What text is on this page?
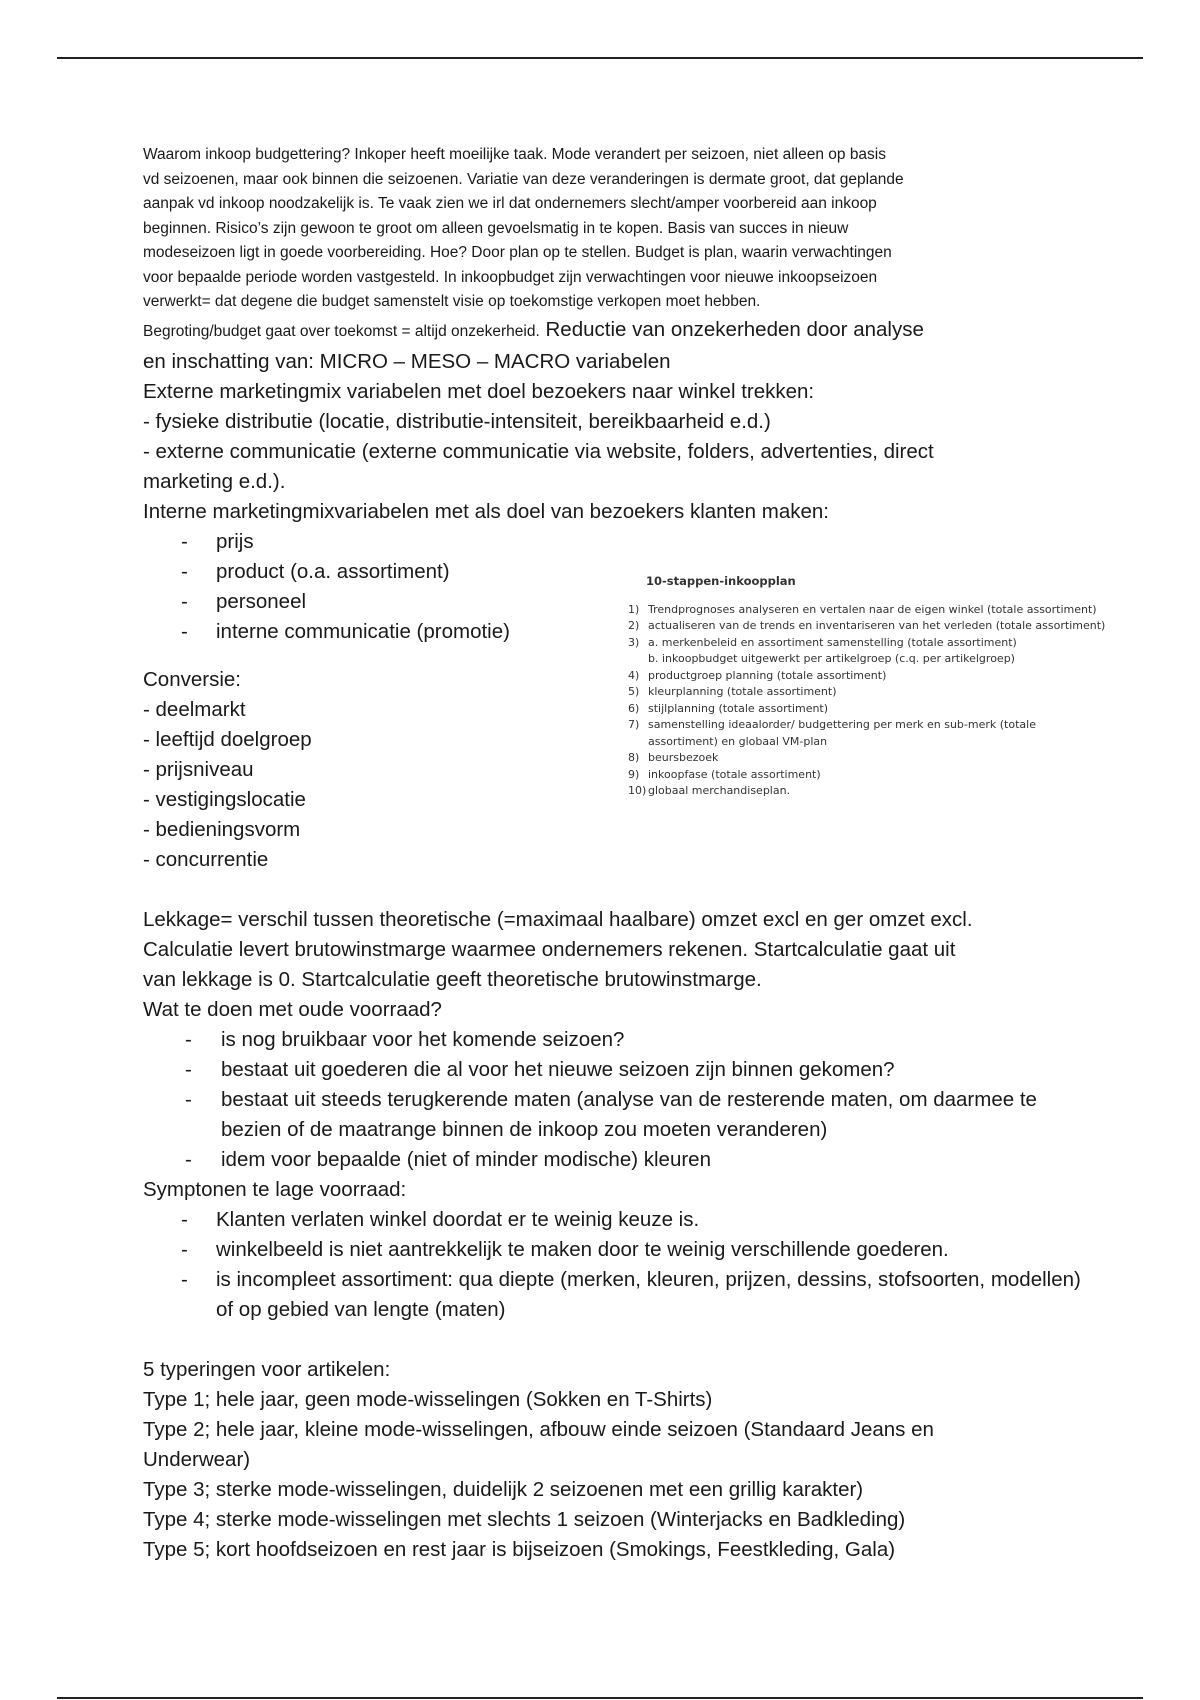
Waarom inkoop budgettering? Inkoper heeft moeilijke taak. Mode verandert per seizoen, niet alleen op basis

vd seizoenen, maar ook binnen die seizoenen. Variatie van deze veranderingen is dermate groot, dat geplande

aanpak vd inkoop noodzakelijk is. Te vaak zien we irl dat ondernemers slecht/amper voorbereid aan inkoop

beginnen. Risico’s zijn gewoon te groot om alleen gevoelsmatig in te kopen. Basis van succes in nieuw

modeseizoen ligt in goede voorbereiding. Hoe? Door plan op te stellen. Budget is plan, waarin verwachtingen

voor bepaalde periode worden vastgesteld. In inkoopbudget zijn verwachtingen voor nieuwe inkoopseizoen

verwerkt= dat degene die budget samenstelt visie op toekomstige verkopen moet hebben.

Begroting/budget gaat over toekomst = altijd onzekerheid. Reductie van onzekerheden door analyse

en inschatting van: MICRO – MESO – MACRO variabelen

Externe marketingmix variabelen met doel bezoekers naar winkel trekken:

- fysieke distributie (locatie, distributie-intensiteit, bereikbaarheid e.d.)

- externe communicatie (externe communicatie via website, folders, advertenties, direct

marketing e.d.).

Interne marketingmixvariabelen met als doel van bezoekers klanten maken:

- prijs
- product (o.a. assortiment)
- personeel
- interne communicatie (promotie)

Conversie:

- deelmarkt

- leeftijd doelgroep

- prijsniveau

- vestigingslocatie

- bedieningsvorm

- concurrentie

Lekkage= verschil tussen theoretische (=maximaal haalbare) omzet excl en ger omzet excl.

Calculatie levert brutowinstmarge waarmee ondernemers rekenen. Startcalculatie gaat uit

van lekkage is 0. Startcalculatie geeft theoretische brutowinstmarge.

Wat te doen met oude voorraad?

- is nog bruikbaar voor het komende seizoen?
- bestaat uit goederen die al voor het nieuwe seizoen zijn binnen gekomen?
- bestaat uit steeds terugkerende maten (analyse van de resterende maten, om daarmee te bezien of de maatrange binnen de inkoop zou moeten veranderen)
- idem voor bepaalde (niet of minder modische) kleuren

Symptonen te lage voorraad:

- Klanten verlaten winkel doordat er te weinig keuze is.
- winkelbeeld is niet aantrekkelijk te maken door te weinig verschillende goederen.
- is incompleet assortiment: qua diepte (merken, kleuren, prijzen, dessins, stofsoorten, modellen) of op gebied van lengte (maten)

5 typeringen voor artikelen:

Type 1; hele jaar, geen mode-wisselingen (Sokken en T-Shirts)

Type 2; hele jaar, kleine mode-wisselingen, afbouw einde seizoen (Standaard Jeans en

Underwear)

Type 3; sterke mode-wisselingen, duidelijk 2 seizoenen met een grillig karakter)

Type 4; sterke mode-wisselingen met slechts 1 seizoen (Winterjacks en Badkleding)

Type 5; kort hoofdseizoen en rest jaar is bijseizoen (Smokings, Feestkleding, Gala)

10-stappen-inkoopplan

1) Trendprognoses analyseren en vertalen naar de eigen winkel (totale assortiment)
2) actualiseren van de trends en inventariseren van het verleden (totale assortiment)
3) a. merkenbeleid en assortiment samenstelling (totale assortiment)
b. inkoopbudget uitgewerkt per artikelgroep (c.q. per artikelgroep)
4) productgroep planning (totale assortiment)
5) kleurplanning (totale assortiment)
6) stijlplanning (totale assortiment)
7) samenstelling ideaalorder/ budgettering per merk en sub-merk (totale
assortiment) en globaal VM-plan
8) beursbezoek
9) inkoopfase (totale assortiment)
10) globaal merchandiseplan.
